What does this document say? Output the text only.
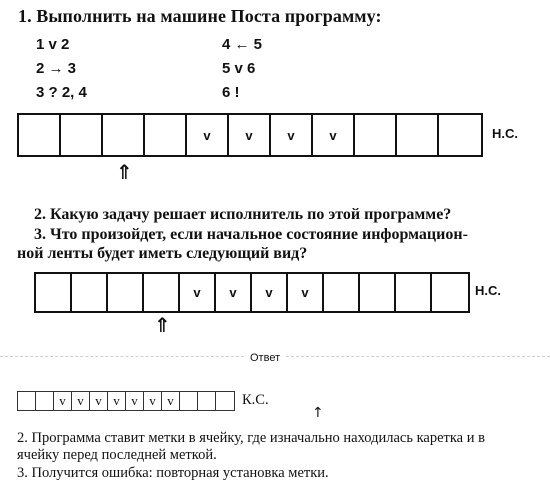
1. Выполнить на машине Поста программу:
1 v 2
2 → 3
3 ? 2, 4
4 ← 5
5 v 6
6 !
v	v	v	v	Н.С.
⇑
2. Какую задачу решает исполнитель по этой программе?
3. Что произойдет, если начальное состояние информацион-
ной ленты будет иметь следующий вид?
v	v	v	v	Н.С.
⇑
Ответ
v v v v v v v	К.С.
↑
2. Программа ставит метки в ячейку, где изначально находилась каретка и в
ячейку перед последней меткой.
3. Получится ошибка: повторная установка метки.
